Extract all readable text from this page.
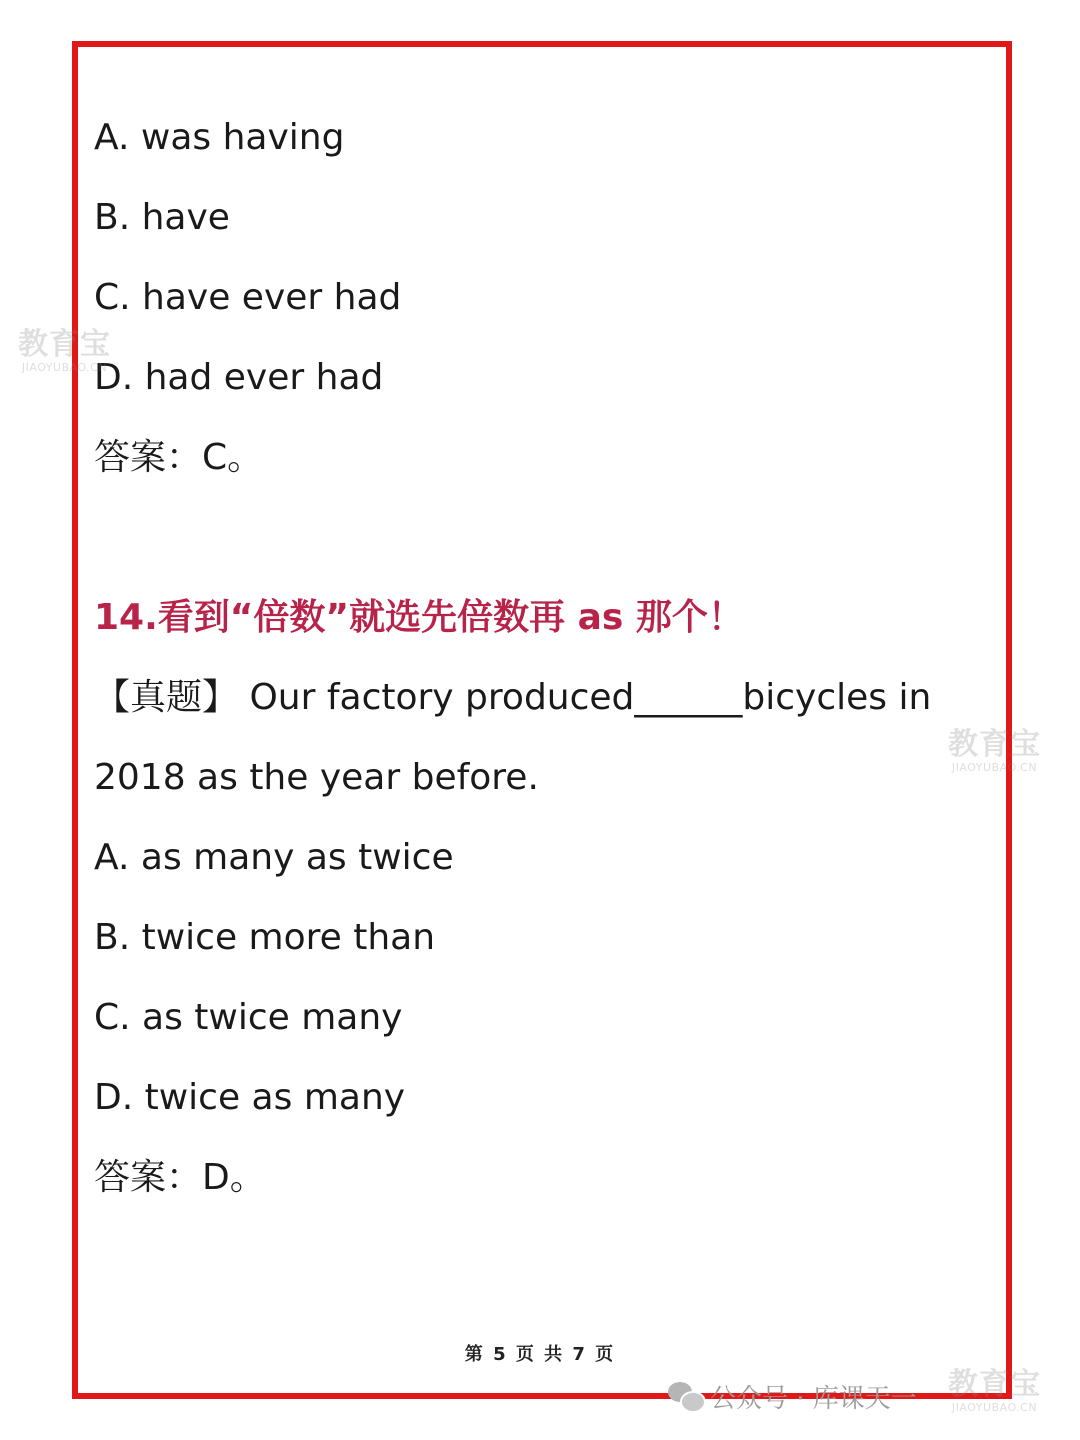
A. was having
B. have
C. have ever had
D. had ever had
答案：C。
14.看到“倍数”就选先倍数再 as 那个！
【真题】 Our factory produced______bicycles in
2018 as the year before.
A. as many as twice
B. twice more than
C. as twice many
D. twice as many
答案：D。
第 5 页 共 7 页
教育宝
JIAOYUBAO.CN
教育宝
JIAOYUBAO.CN
公众号 · 库课天一 教育宝
JIAOYUBAO.CN
